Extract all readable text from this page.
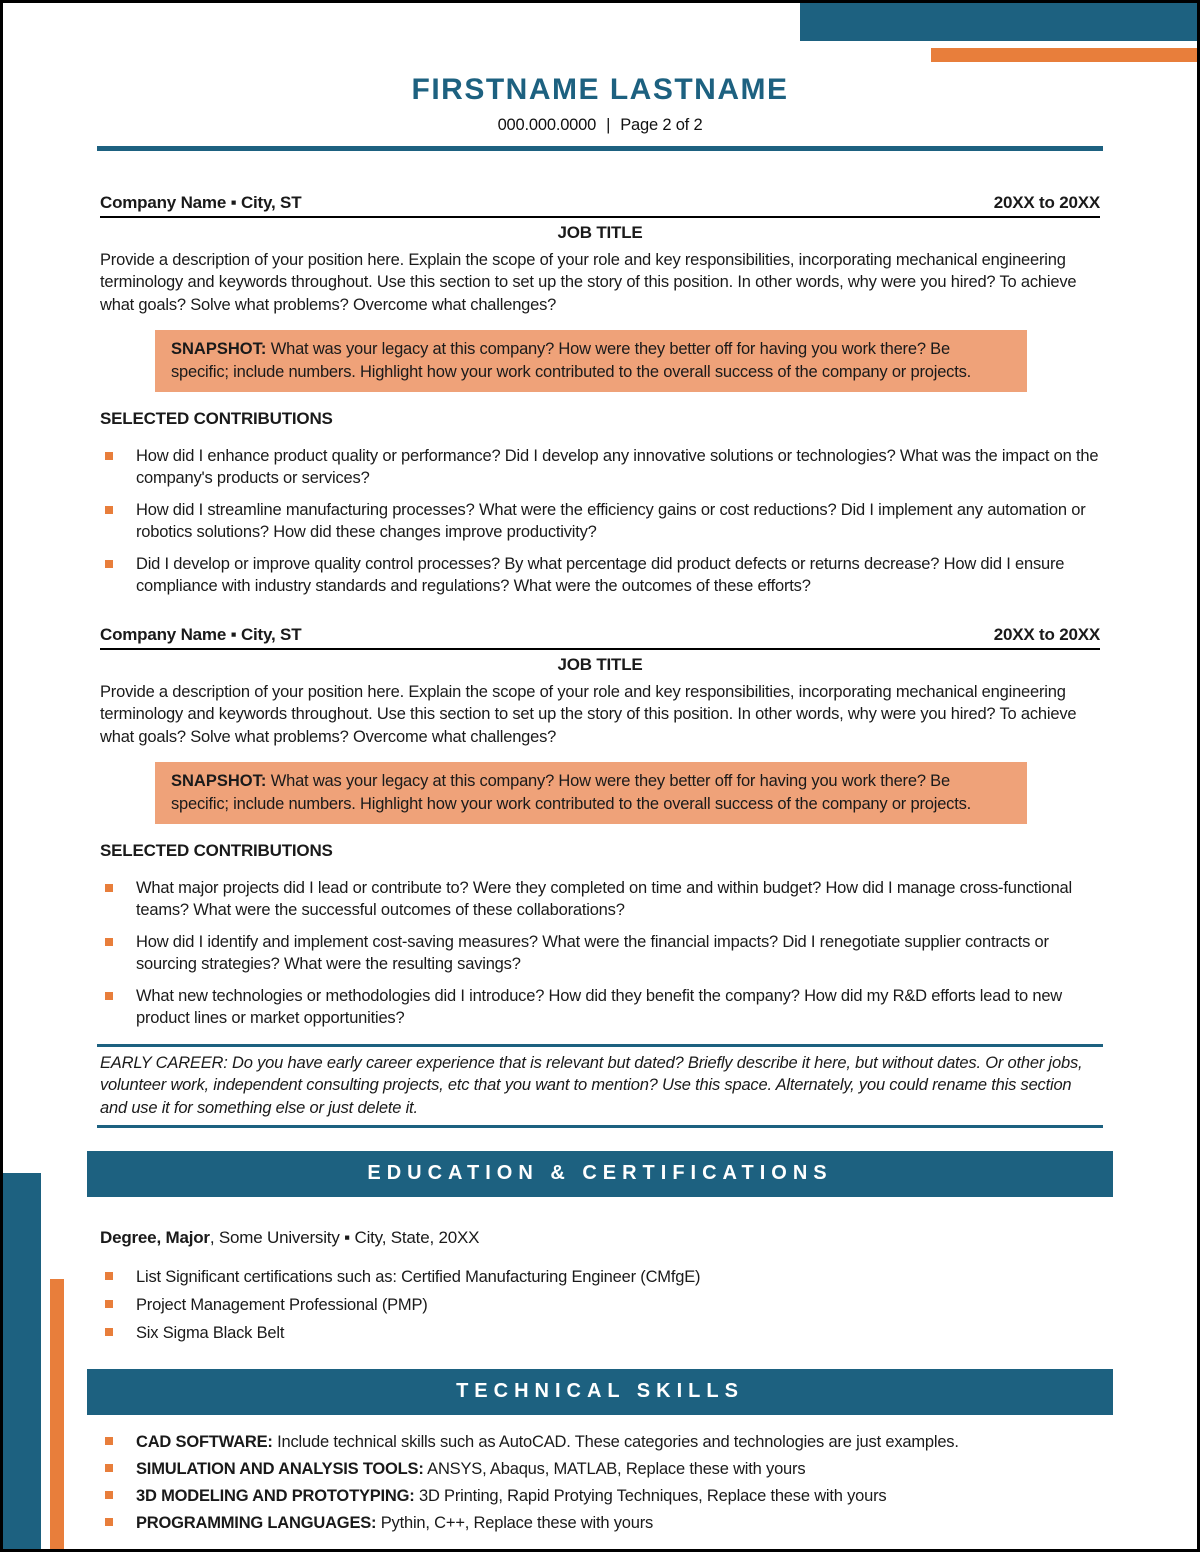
FIRSTNAME LASTNAME
000.000.0000 | Page 2 of 2
Company Name ▪ City, ST	20XX to 20XX
JOB TITLE
Provide a description of your position here. Explain the scope of your role and key responsibilities, incorporating mechanical engineering terminology and keywords throughout. Use this section to set up the story of this position. In other words, why were you hired? To achieve what goals? Solve what problems? Overcome what challenges?
SNAPSHOT: What was your legacy at this company? How were they better off for having you work there? Be specific; include numbers. Highlight how your work contributed to the overall success of the company or projects.
SELECTED CONTRIBUTIONS
How did I enhance product quality or performance? Did I develop any innovative solutions or technologies? What was the impact on the company's products or services?
How did I streamline manufacturing processes? What were the efficiency gains or cost reductions? Did I implement any automation or robotics solutions? How did these changes improve productivity?
Did I develop or improve quality control processes? By what percentage did product defects or returns decrease? How did I ensure compliance with industry standards and regulations? What were the outcomes of these efforts?
Company Name ▪ City, ST	20XX to 20XX
JOB TITLE
Provide a description of your position here. Explain the scope of your role and key responsibilities, incorporating mechanical engineering terminology and keywords throughout. Use this section to set up the story of this position. In other words, why were you hired? To achieve what goals? Solve what problems? Overcome what challenges?
SNAPSHOT: What was your legacy at this company? How were they better off for having you work there? Be specific; include numbers. Highlight how your work contributed to the overall success of the company or projects.
SELECTED CONTRIBUTIONS
What major projects did I lead or contribute to? Were they completed on time and within budget? How did I manage cross-functional teams? What were the successful outcomes of these collaborations?
How did I identify and implement cost-saving measures? What were the financial impacts? Did I renegotiate supplier contracts or sourcing strategies? What were the resulting savings?
What new technologies or methodologies did I introduce? How did they benefit the company? How did my R&D efforts lead to new product lines or market opportunities?
EARLY CAREER: Do you have early career experience that is relevant but dated? Briefly describe it here, but without dates. Or other jobs, volunteer work, independent consulting projects, etc that you want to mention? Use this space. Alternately, you could rename this section and use it for something else or just delete it.
EDUCATION & CERTIFICATIONS
Degree, Major, Some University ▪ City, State, 20XX
List Significant certifications such as: Certified Manufacturing Engineer (CMfgE)
Project Management Professional (PMP)
Six Sigma Black Belt
TECHNICAL SKILLS
CAD SOFTWARE: Include technical skills such as AutoCAD. These categories and technologies are just examples.
SIMULATION AND ANALYSIS TOOLS: ANSYS, Abaqus, MATLAB, Replace these with yours
3D MODELING AND PROTOTYPING: 3D Printing, Rapid Protying Techniques, Replace these with yours
PROGRAMMING LANGUAGES: Pythin, C++, Replace these with yours
